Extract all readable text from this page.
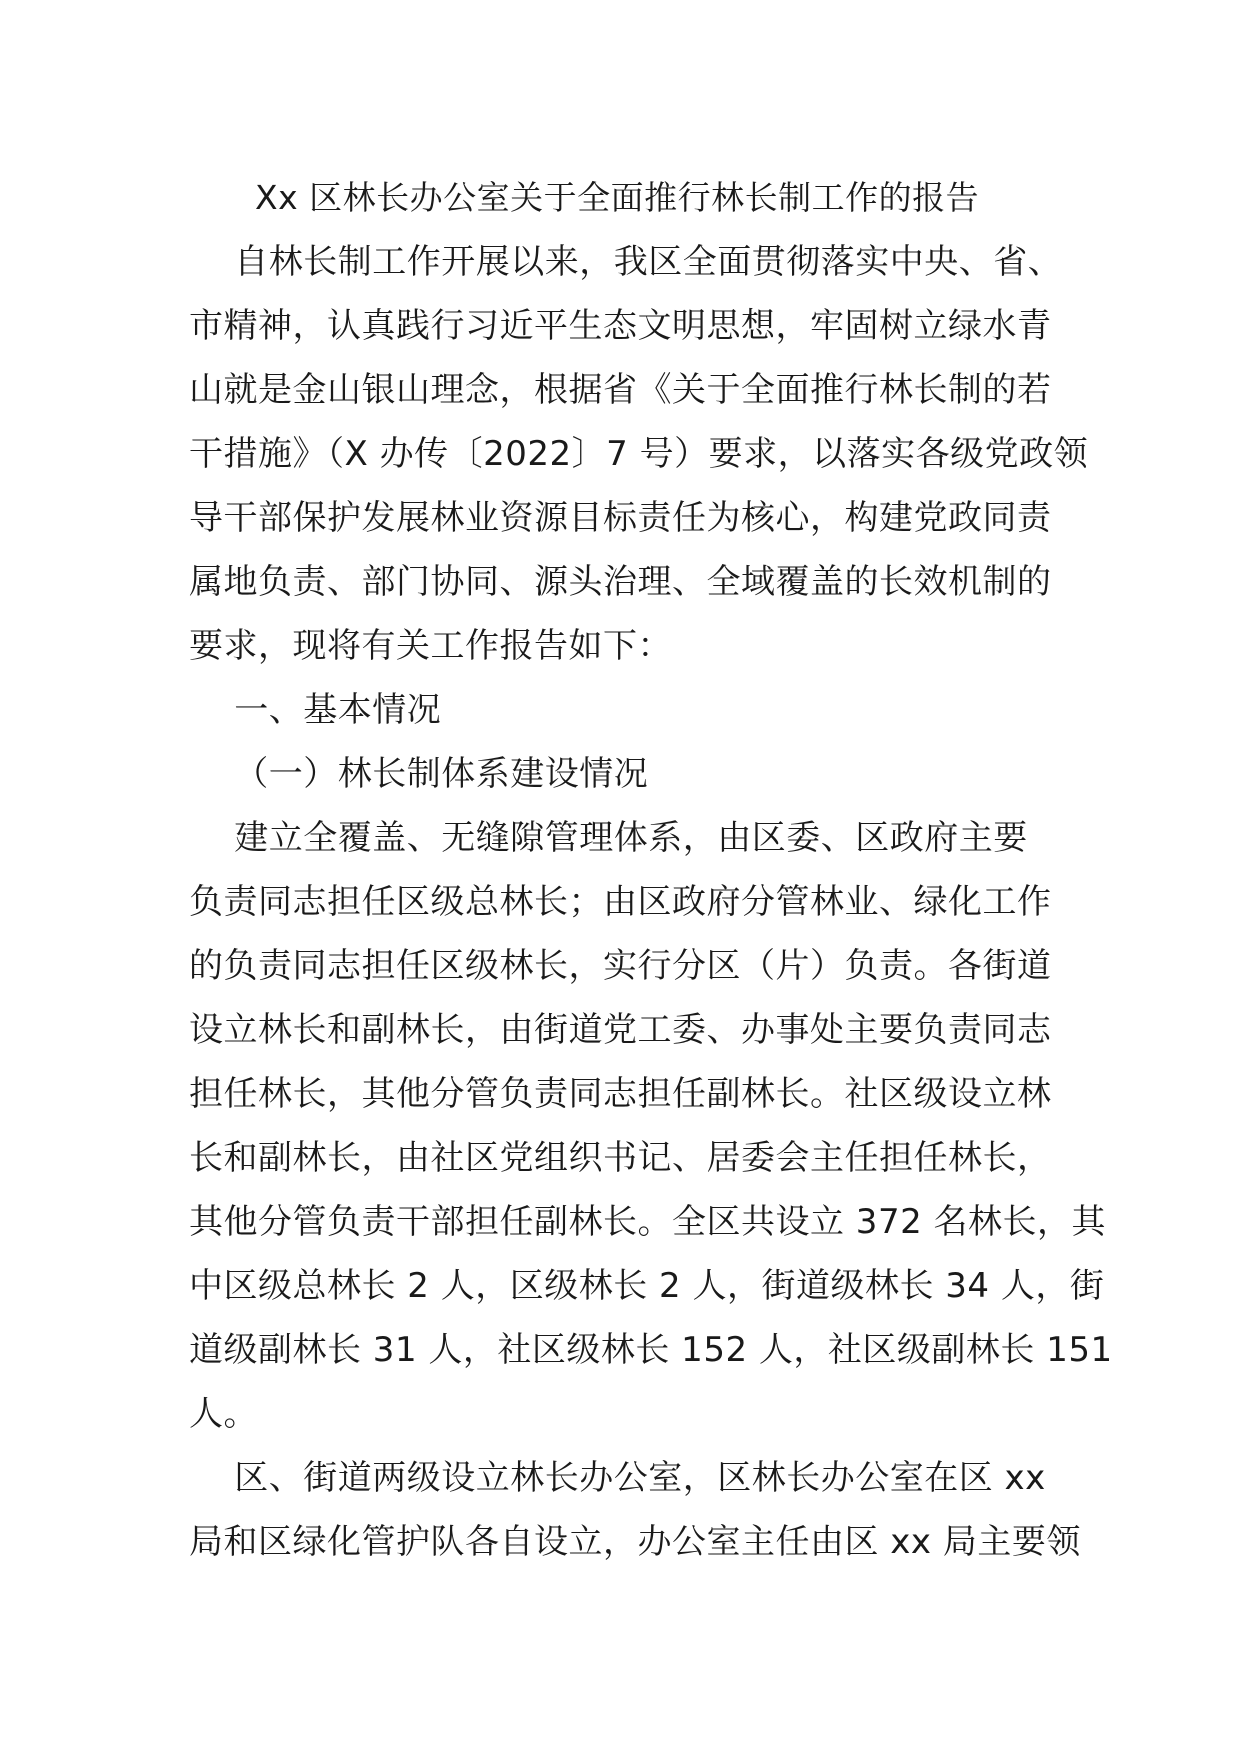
Xx 区林长办公室关于全面推行林长制工作的报告
自林长制工作开展以来，我区全面贯彻落实中央、省、
市精神，认真践行习近平生态文明思想，牢固树立绿水青
山就是金山银山理念，根据省《关于全面推行林长制的若
干措施》（X 办传〔2022〕7 号）要求，以落实各级党政领
导干部保护发展林业资源目标责任为核心，构建党政同责
属地负责、部门协同、源头治理、全域覆盖的长效机制的
要求，现将有关工作报告如下：
一、基本情况
（一）林长制体系建设情况
建立全覆盖、无缝隙管理体系，由区委、区政府主要
负责同志担任区级总林长；由区政府分管林业、绿化工作
的负责同志担任区级林长，实行分区（片）负责。各街道
设立林长和副林长，由街道党工委、办事处主要负责同志
担任林长，其他分管负责同志担任副林长。社区级设立林
长和副林长，由社区党组织书记、居委会主任担任林长，
其他分管负责干部担任副林长。全区共设立 372 名林长，其
中区级总林长 2 人，区级林长 2 人，街道级林长 34 人，街
道级副林长 31 人，社区级林长 152 人，社区级副林长 151
人。
区、街道两级设立林长办公室，区林长办公室在区 xx
局和区绿化管护队各自设立，办公室主任由区 xx 局主要领
